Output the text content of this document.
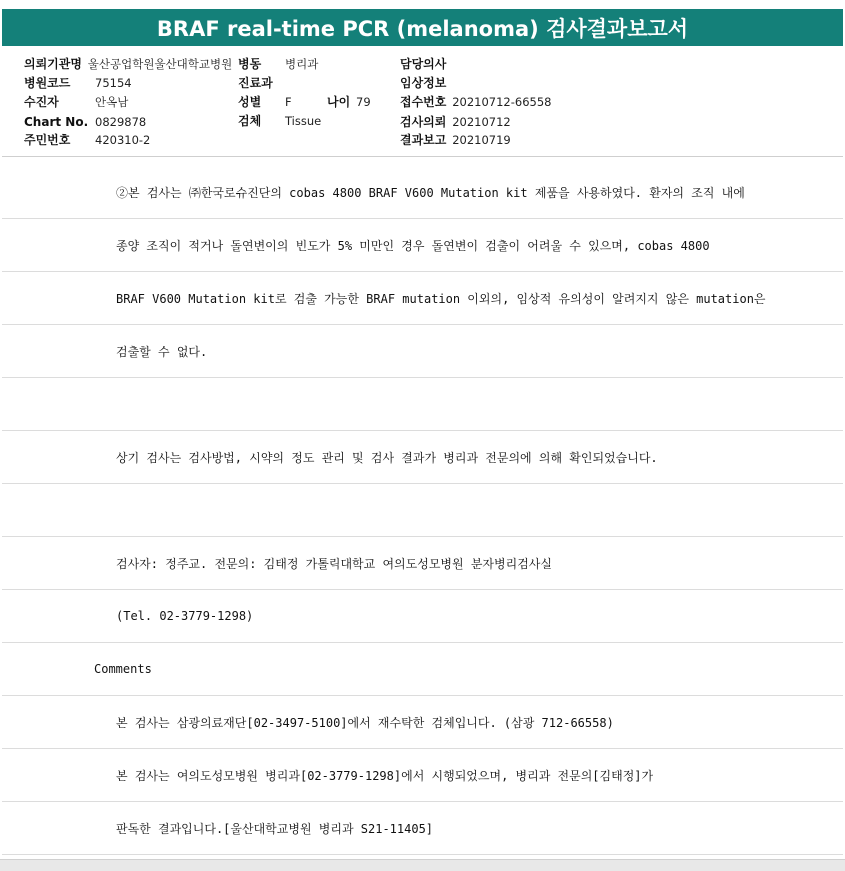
BRAF real-time PCR (melanoma) 검사결과보고서
의뢰기관명 울산공업학원울산대학교병원
병원코드 75154
수진자	안옥남
Chart No. 0829878
주민번호 420310-2
병동 병리과
진료과
성별 F	나이 79
검체 Tissue
담당의사
임상정보
접수번호 20210712-66558
검사의뢰 20210712
결과보고 20210719
②본 검사는 ㈜한국로슈진단의 cobas 4800 BRAF V600 Mutation kit 제품을 사용하였다. 환자의 조직 내에
종양 조직이 적거나 돌연변이의 빈도가 5% 미만인 경우 돌연변이 검출이 어려울 수 있으며, cobas 4800
BRAF V600 Mutation kit로 검출 가능한 BRAF mutation 이외의, 임상적 유의성이 알려지지 않은 mutation은
검출할 수 없다.
상기 검사는 검사방법, 시약의 정도 관리 및 검사 결과가 병리과 전문의에 의해 확인되었습니다.
검사자: 정주교. 전문의: 김태정 가톨릭대학교 여의도성모병원 분자병리검사실
(Tel. 02-3779-1298)
Comments
본 검사는 삼광의료재단[02-3497-5100]에서 재수탁한 검체입니다. (삼광 712-66558)
본 검사는 여의도성모병원 병리과[02-3779-1298]에서 시행되었으며, 병리과 전문의[김태정]가
판독한 결과입니다.[울산대학교병원 병리과 S21-11405]
